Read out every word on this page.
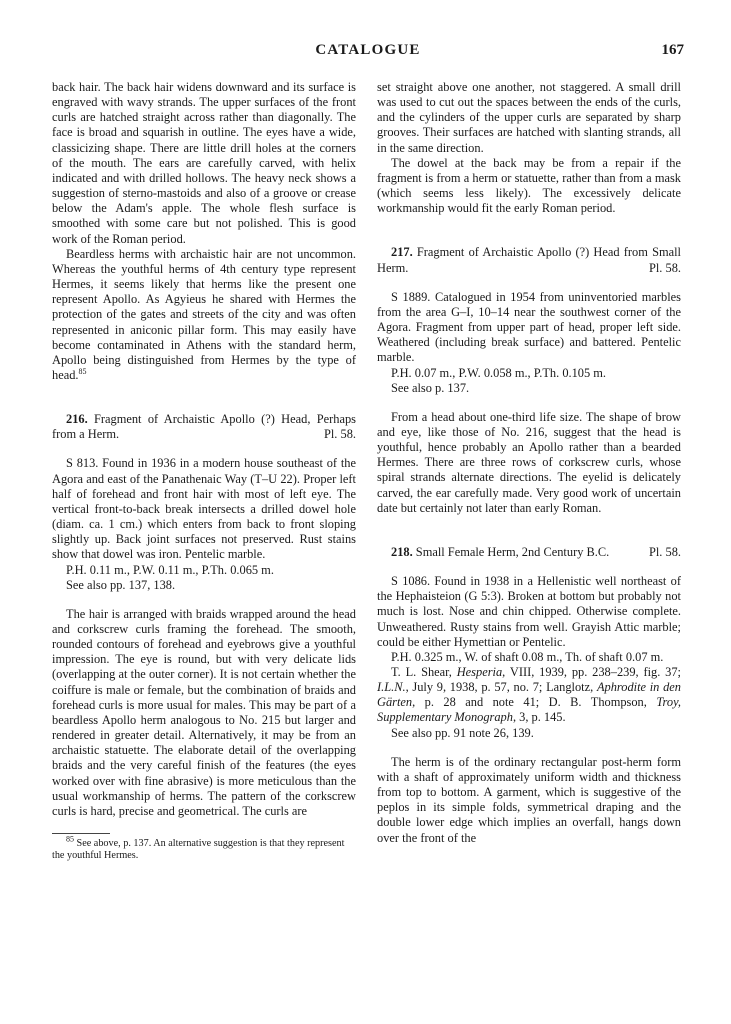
CATALOGUE	167

back hair. The back hair widens downward and its surface is engraved with wavy strands. The upper surfaces of the front curls are hatched straight across rather than diagonally. The face is broad and squarish in outline. The eyes have a wide, classicizing shape. There are little drill holes at the corners of the mouth. The ears are carefully carved, with helix indicated and with drilled hollows. The heavy neck shows a suggestion of sterno-mastoids and also of a groove or crease below the Adam's apple. The whole flesh surface is smoothed with some care but not polished. This is good work of the Roman period.

Beardless herms with archaistic hair are not uncommon. Whereas the youthful herms of 4th century type represent Hermes, it seems likely that herms like the present one represent Apollo. As Agyieus he shared with Hermes the protection of the gates and streets of the city and was often represented in aniconic pillar form. This may easily have become contaminated in Athens with the standard herm, Apollo being distinguished from Hermes by the type of head.$^{85}$

216. Fragment of Archaistic Apollo (?) Head, Perhaps from a Herm.	Pl. 58.

S 813. Found in 1936 in a modern house southeast of the Agora and east of the Panathenaic Way (T–U 22). Proper left half of forehead and front hair with most of left eye. The vertical front-to-back break intersects a drilled dowel hole (diam. ca. 1 cm.) which enters from back to front sloping slightly up. Back joint surfaces not preserved. Rust stains show that dowel was iron. Pentelic marble.

P.H. 0.11 m., P.W. 0.11 m., P.Th. 0.065 m.

See also pp. 137, 138.

The hair is arranged with braids wrapped around the head and corkscrew curls framing the forehead. The smooth, rounded contours of forehead and eyebrows give a youthful impression. The eye is round, but with very delicate lids (overlapping at the outer corner). It is not certain whether the coiffure is male or female, but the combination of braids and forehead curls is more usual for males. This may be part of a beardless Apollo herm analogous to No. 215 but larger and rendered in greater detail. Alternatively, it may be from an archaistic statuette. The elaborate detail of the overlapping braids and the very careful finish of the features (the eyes worked over with fine abrasive) is more meticulous than the usual workmanship of herms. The pattern of the corkscrew curls is hard, precise and geometrical. The curls are

$^{85}$ See above, p. 137. An alternative suggestion is that they represent the youthful Hermes.

set straight above one another, not staggered. A small drill was used to cut out the spaces between the ends of the curls, and the cylinders of the upper curls are separated by sharp grooves. Their surfaces are hatched with slanting strands, all in the same direction.

The dowel at the back may be from a repair if the fragment is from a herm or statuette, rather than from a mask (which seems less likely). The excessively delicate workmanship would fit the early Roman period.

217. Fragment of Archaistic Apollo (?) Head from Small Herm.	Pl. 58.

S 1889. Catalogued in 1954 from uninventoried marbles from the area G–I, 10–14 near the southwest corner of the Agora. Fragment from upper part of head, proper left side. Weathered (including break surface) and battered. Pentelic marble.

P.H. 0.07 m., P.W. 0.058 m., P.Th. 0.105 m.

See also p. 137.

From a head about one-third life size. The shape of brow and eye, like those of No. 216, suggest that the head is youthful, hence probably an Apollo rather than a bearded Hermes. There are three rows of corkscrew curls, whose spiral strands alternate directions. The eyelid is delicately carved, the ear carefully made. Very good work of uncertain date but certainly not later than early Roman.

218. Small Female Herm, 2nd Century B.C.	Pl. 58.

S 1086. Found in 1938 in a Hellenistic well northeast of the Hephaisteion (G 5:3). Broken at bottom but probably not much is lost. Nose and chin chipped. Otherwise complete. Unweathered. Rusty stains from well. Grayish Attic marble; could be either Hymettian or Pentelic.

P.H. 0.325 m., W. of shaft 0.08 m., Th. of shaft 0.07 m.

T. L. Shear, Hesperia, VIII, 1939, pp. 238–239, fig. 37; I.L.N., July 9, 1938, p. 57, no. 7; Langlotz, Aphrodite in den Gärten, p. 28 and note 41; D. B. Thompson, Troy, Supplementary Monograph, 3, p. 145.

See also pp. 91 note 26, 139.

The herm is of the ordinary rectangular post-herm form with a shaft of approximately uniform width and thickness from top to bottom. A garment, which is suggestive of the peplos in its simple folds, symmetrical draping and the double lower edge which implies an overfall, hangs down over the front of the
